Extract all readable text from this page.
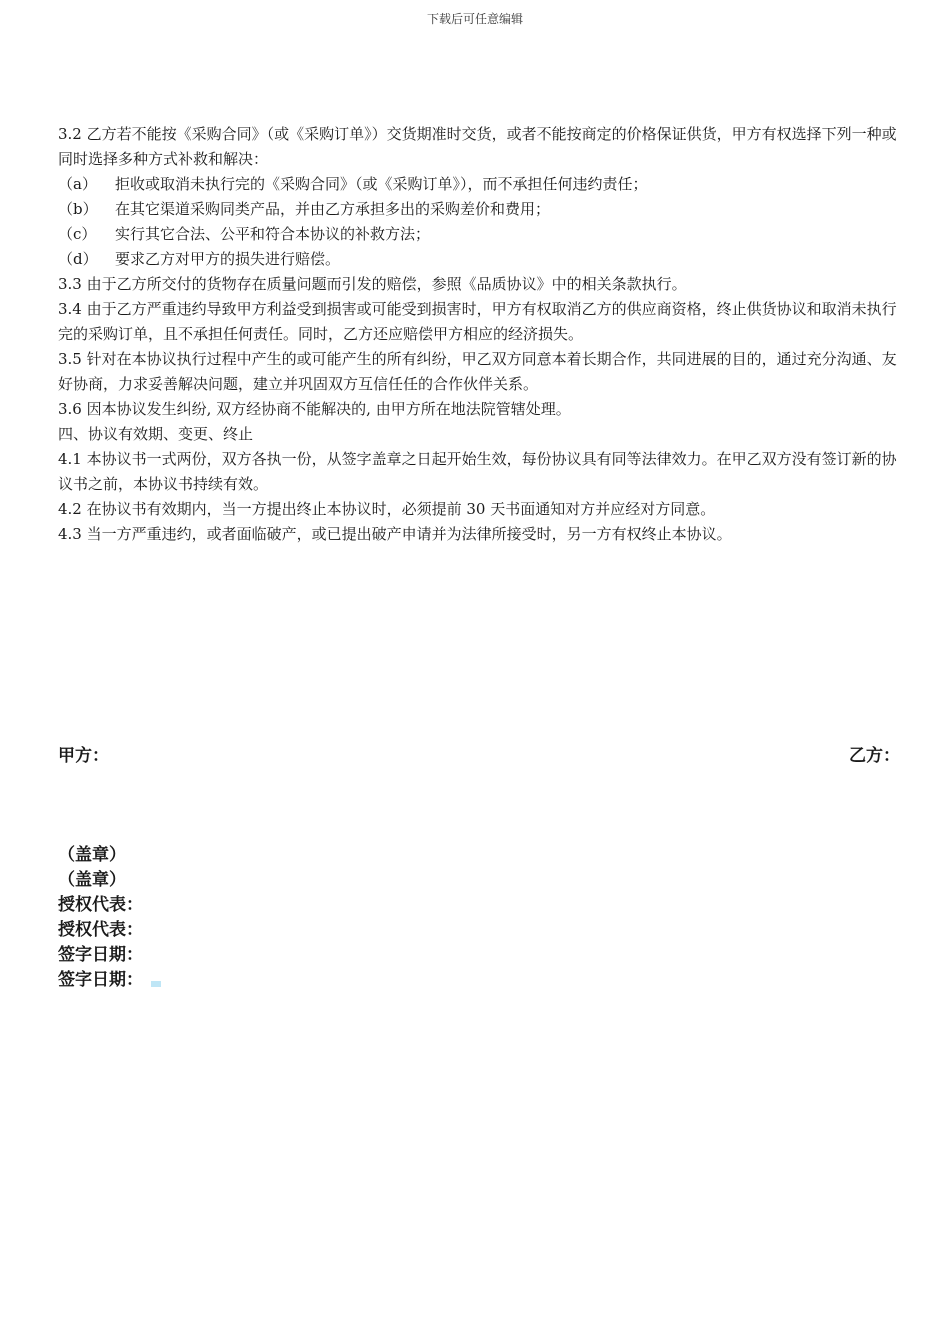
下载后可任意编辑

3.2 乙方若不能按《采购合同》（或《采购订单》）交货期准时交货，或者不能按商定的价格保证供货，甲方有权选择下列一种或同时选择多种方式补救和解决：

（a）	拒收或取消未执行完的《采购合同》（或《采购订单》），而不承担任何违约责任；
（b）	在其它渠道采购同类产品，并由乙方承担多出的采购差价和费用；
（c）	实行其它合法、公平和符合本协议的补救方法；
（d）	要求乙方对甲方的损失进行赔偿。

3.3 由于乙方所交付的货物存在质量问题而引发的赔偿，参照《品质协议》中的相关条款执行。

3.4 由于乙方严重违约导致甲方利益受到损害或可能受到损害时，甲方有权取消乙方的供应商资格，终止供货协议和取消未执行完的采购订单，且不承担任何责任。同时，乙方还应赔偿甲方相应的经济损失。

3.5 针对在本协议执行过程中产生的或可能产生的所有纠纷，甲乙双方同意本着长期合作，共同进展的目的，通过充分沟通、友好协商，力求妥善解决问题，建立并巩固双方互信任任的合作伙伴关系。

3.6 因本协议发生纠纷, 双方经协商不能解决的, 由甲方所在地法院管辖处理。

四、协议有效期、变更、终止

4.1 本协议书一式两份，双方各执一份，从签字盖章之日起开始生效，每份协议具有同等法律效力。在甲乙双方没有签订新的协议书之前，本协议书持续有效。

4.2 在协议书有效期内，当一方提出终止本协议时，必须提前 30 天书面通知对方并应经对方同意。

4.3 当一方严重违约，或者面临破产，或已提出破产申请并为法律所接受时，另一方有权终止本协议。

甲方：	乙方：

（盖章）

（盖章）

授权代表：

授权代表：

签字日期：

签字日期：
